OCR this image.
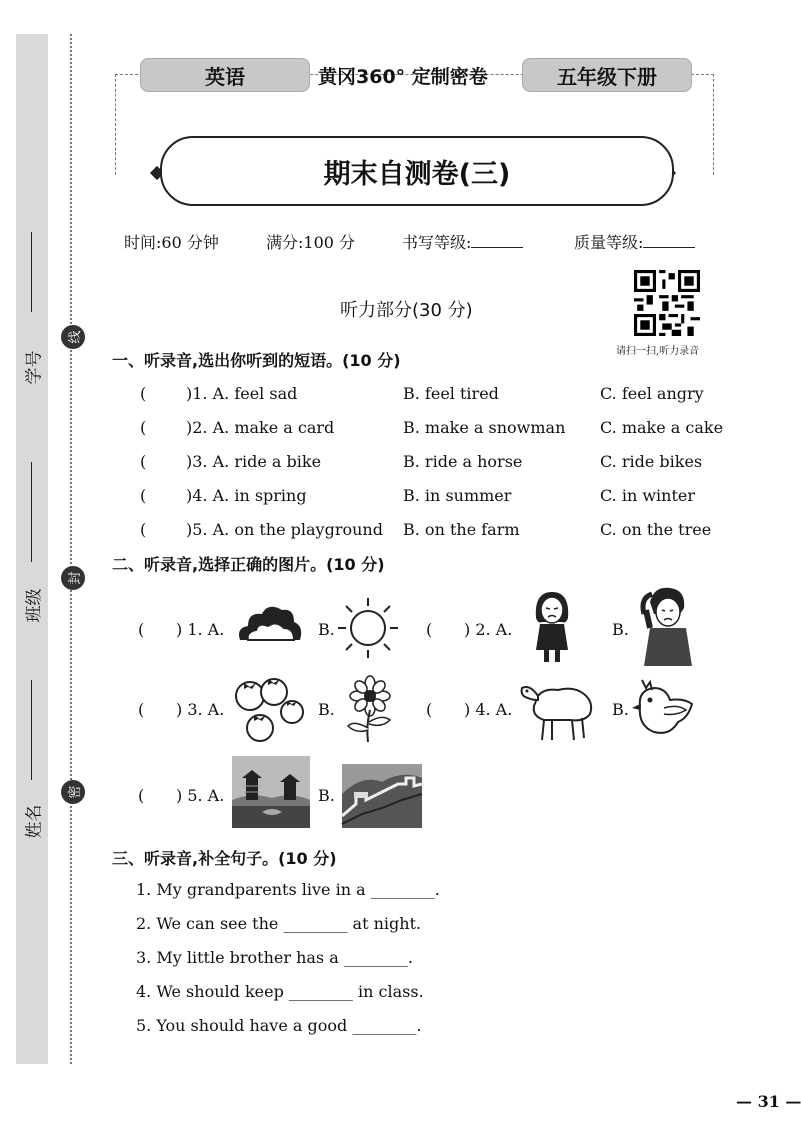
学号
班级
姓名
线
封
密
英语	黄冈360° 定制密卷	五年级下册
期末自测卷(三)
时间:60 分钟	满分:100 分	书写等级:	质量等级:
听力部分(30 分)
请扫一扫,听力录音
一、听录音,选出你听到的短语。(10 分)
( )1. A. feel sad	B. feel tired	C. feel angry
( )2. A. make a card	B. make a snowman C. make a cake
( )3. A. ride a bike	B. ride a horse	C. ride bikes
( )4. A. in spring	B. in summer	C. in winter
( )5. A. on the playground B. on the farm	C. on the tree
二、听录音,选择正确的图片。(10 分)
( ) 1. A.	B.	( ) 2. A.	B.
( ) 3. A.	B.	( ) 4. A.	B.
( ) 5. A.	B.
三、听录音,补全句子。(10 分)
1. My grandparents live in a ________.
2. We can see the ________ at night.
3. My little brother has a ________.
4. We should keep ________ in class.
5. You should have a good ________.
— 31 —
